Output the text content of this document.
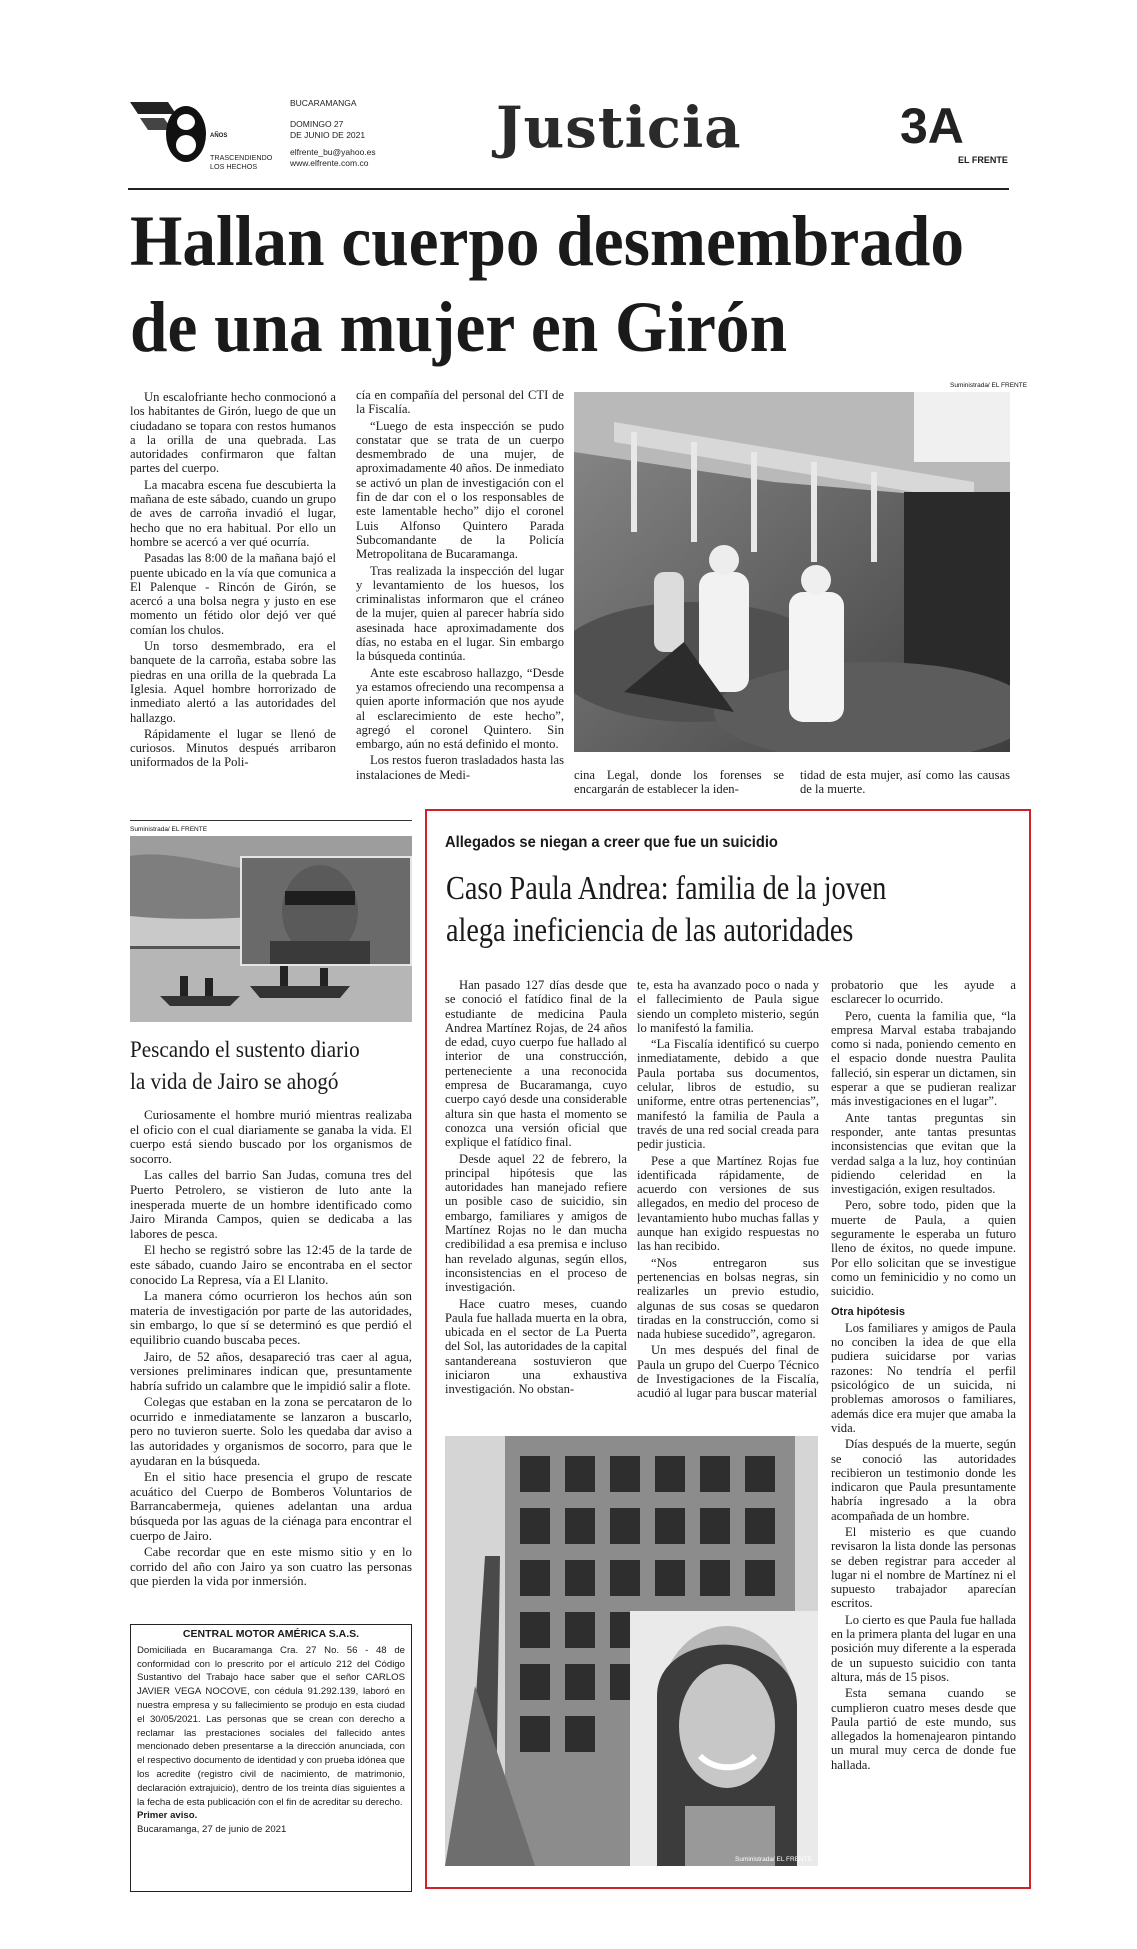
AÑOS
TRASCENDIENDO
LOS HECHOS
BUCARAMANGA
DOMINGO 27
DE JUNIO DE 2021
elfrente_bu@yahoo.es
www.elfrente.com.co
Justicia	3A
EL FRENTE
Hallan cuerpo desmembrado
de una mujer en Girón

Un escalofriante hecho conmocionó a los habitantes de Girón, luego de que un ciudadano se topara con restos humanos a la orilla de una quebrada. Las autoridades confirmaron que faltan partes del cuerpo.

La macabra escena fue descubierta la mañana de este sábado, cuando un grupo de aves de carroña invadió el lugar, hecho que no era habitual. Por ello un hombre se acercó a ver qué ocurría.

Pasadas las 8:00 de la mañana bajó el puente ubicado en la vía que comunica a El Palenque - Rincón de Girón, se acercó a una bolsa negra y justo en ese momento un fétido olor dejó ver qué comían los chulos.

Un torso desmembrado, era el banquete de la carroña, estaba sobre las piedras en una orilla de la quebrada La Iglesia. Aquel hombre horrorizado de inmediato alertó a las autoridades del hallazgo.

Rápidamente el lugar se llenó de curiosos. Minutos después arribaron uniformados de la Poli-

cía en compañía del personal del CTI de la Fiscalía.

“Luego de esta inspección se pudo constatar que se trata de un cuerpo desmembrado de una mujer, de aproximadamente 40 años. De inmediato se activó un plan de investigación con el fin de dar con el o los responsables de este lamentable hecho” dijo el coronel Luis Alfonso Quintero Parada Subcomandante de la Policía Metropolitana de Bucaramanga.

Tras realizada la inspección del lugar y levantamiento de los huesos, los criminalistas informaron que el cráneo de la mujer, quien al parecer habría sido asesinada hace aproximadamente dos días, no estaba en el lugar. Sin embargo la búsqueda continúa.

Ante este escabroso hallazgo, “Desde ya estamos ofreciendo una recompensa a quien aporte información que nos ayude al esclarecimiento de este hecho”, agregó el coronel Quintero. Sin embargo, aún no está definido el monto.

Los restos fueron trasladados hasta las instalaciones de Medi-

Suministrada/ EL FRENTE

cina Legal, donde los forenses se encargarán de establecer la iden-

tidad de esta mujer, así como las causas de la muerte.

Suministrada/ EL FRENTE
Pescando el sustento diario
la vida de Jairo se ahogó

Curiosamente el hombre murió mientras realizaba el oficio con el cual diariamente se ganaba la vida. El cuerpo está siendo buscado por los organismos de socorro.

Las calles del barrio San Judas, comuna tres del Puerto Petrolero, se vistieron de luto ante la inesperada muerte de un hombre identificado como Jairo Miranda Campos, quien se dedicaba a las labores de pesca.

El hecho se registró sobre las 12:45 de la tarde de este sábado, cuando Jairo se encontraba en el sector conocido La Represa, vía a El Llanito.

La manera cómo ocurrieron los hechos aún son materia de investigación por parte de las autoridades, sin embargo, lo que sí se determinó es que perdió el equilibrio cuando buscaba peces.

Jairo, de 52 años, desapareció tras caer al agua, versiones preliminares indican que, presuntamente habría sufrido un calambre que le impidió salir a flote.

Colegas que estaban en la zona se percataron de lo ocurrido e inmediatamente se lanzaron a buscarlo, pero no tuvieron suerte. Solo les quedaba dar aviso a las autoridades y organismos de socorro, para que le ayudaran en la búsqueda.

En el sitio hace presencia el grupo de rescate acuático del Cuerpo de Bomberos Voluntarios de Barrancabermeja, quienes adelantan una ardua búsqueda por las aguas de la ciénaga para encontrar el cuerpo de Jairo.

Cabe recordar que en este mismo sitio y en lo corrido del año con Jairo ya son cuatro las personas que pierden la vida por inmersión.

CENTRAL MOTOR AMÉRICA S.A.S.

Domiciliada en Bucaramanga Cra. 27 No. 56 - 48 de conformidad con lo prescrito por el artículo 212 del Código Sustantivo del Trabajo hace saber que el señor CARLOS JAVIER VEGA NOCOVE, con cédula 91.292.139, laboró en nuestra empresa y su fallecimiento se produjo en esta ciudad el 30/05/2021. Las personas que se crean con derecho a reclamar las prestaciones sociales del fallecido antes mencionado deben presentarse a la dirección anunciada, con el respectivo documento de identidad y con prueba idónea que los acredite (registro civil de nacimiento, de matrimonio, declaración extrajuicio), dentro de los treinta días siguientes a la fecha de esta publicación con el fin de acreditar su derecho.

Primer aviso.

Bucaramanga, 27 de junio de 2021

Allegados se niegan a creer que fue un suicidio
Caso Paula Andrea: familia de la joven
alega ineficiencia de las autoridades

Han pasado 127 días desde que se conoció el fatídico final de la estudiante de medicina Paula Andrea Martínez Rojas, de 24 años de edad, cuyo cuerpo fue hallado al interior de una construcción, perteneciente a una reconocida empresa de Bucaramanga, cuyo cuerpo cayó desde una considerable altura sin que hasta el momento se conozca una versión oficial que explique el fatídico final.

Desde aquel 22 de febrero, la principal hipótesis que las autoridades han manejado refiere un posible caso de suicidio, sin embargo, familiares y amigos de Martínez Rojas no le dan mucha credibilidad a esa premisa e incluso han revelado algunas, según ellos, inconsistencias en el proceso de investigación.

Hace cuatro meses, cuando Paula fue hallada muerta en la obra, ubicada en el sector de La Puerta del Sol, las autoridades de la capital santandereana sostuvieron que iniciaron una exhaustiva investigación. No obstan-

te, esta ha avanzado poco o nada y el fallecimiento de Paula sigue siendo un completo misterio, según lo manifestó la familia.

“La Fiscalía identificó su cuerpo inmediatamente, debido a que Paula portaba sus documentos, celular, libros de estudio, su uniforme, entre otras pertenencias”, manifestó la familia de Paula a través de una red social creada para pedir justicia.

Pese a que Martínez Rojas fue identificada rápidamente, de acuerdo con versiones de sus allegados, en medio del proceso de levantamiento hubo muchas fallas y aunque han exigido respuestas no las han recibido.

“Nos entregaron sus pertenencias en bolsas negras, sin realizarles un previo estudio, algunas de sus cosas se quedaron tiradas en la construcción, como si nada hubiese sucedido”, agregaron.

Un mes después del final de Paula un grupo del Cuerpo Técnico de Investigaciones de la Fiscalía, acudió al lugar para buscar material

probatorio que les ayude a esclarecer lo ocurrido.

Pero, cuenta la familia que, “la empresa Marval estaba trabajando como si nada, poniendo cemento en el espacio donde nuestra Paulita falleció, sin esperar un dictamen, sin esperar a que se pudieran realizar más investigaciones en el lugar”.

Ante tantas preguntas sin responder, ante tantas presuntas inconsistencias que evitan que la verdad salga a la luz, hoy continúan pidiendo celeridad en la investigación, exigen resultados.

Pero, sobre todo, piden que la muerte de Paula, a quien seguramente le esperaba un futuro lleno de éxitos, no quede impune. Por ello solicitan que se investigue como un feminicidio y no como un suicidio.

Otra hipótesis

Los familiares y amigos de Paula no conciben la idea de que ella pudiera suicidarse por varias razones: No tendría el perfil psicológico de un suicida, ni problemas amorosos o familiares, además dice era mujer que amaba la vida.

Días después de la muerte, según se conoció las autoridades recibieron un testimonio donde les indicaron que Paula presuntamente habría ingresado a la obra acompañada de un hombre.

El misterio es que cuando revisaron la lista donde las personas se deben registrar para acceder al lugar ni el nombre de Martínez ni el supuesto trabajador aparecían escritos.

Lo cierto es que Paula fue hallada en la primera planta del lugar en una posición muy diferente a la esperada de un supuesto suicidio con tanta altura, más de 15 pisos.

Esta semana cuando se cumplieron cuatro meses desde que Paula partió de este mundo, sus allegados la homenajearon pintando un mural muy cerca de donde fue hallada.

Suministrada/ EL FRENTE
